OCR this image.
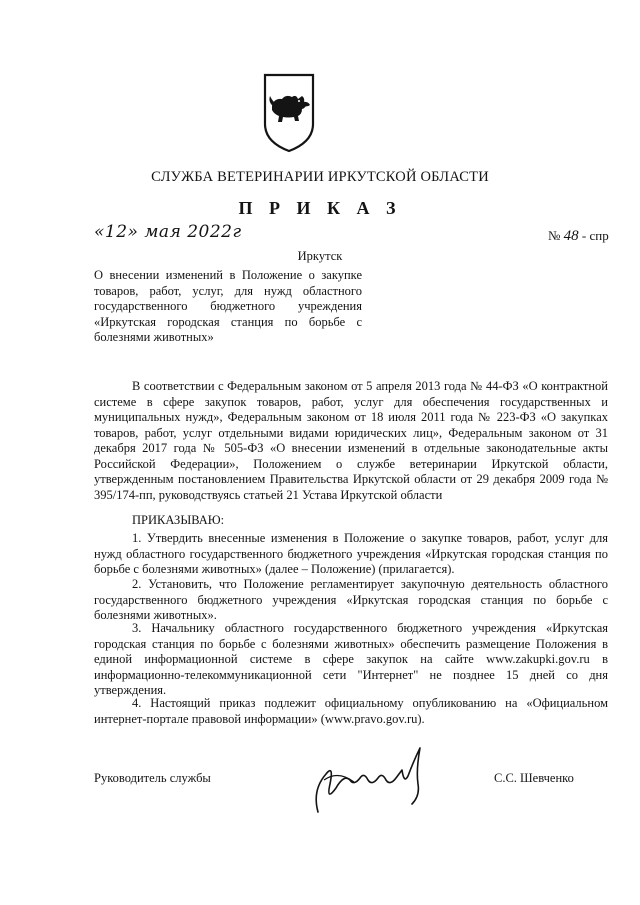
СЛУЖБА ВЕТЕРИНАРИИ ИРКУТСКОЙ ОБЛАСТИ
П Р И К А З
«12» мая 2022г	№ 48 - спр
Иркутск
О внесении изменений в Положение о закупке товаров, работ, услуг, для нужд областного государственного бюджетного учреждения «Иркутская городская станция по борьбе с болезнями животных»

В соответствии с Федеральным законом от 5 апреля 2013 года № 44-ФЗ «О контрактной системе в сфере закупок товаров, работ, услуг для обеспечения государственных и муниципальных нужд», Федеральным законом от 18 июля 2011 года № 223-ФЗ «О закупках товаров, работ, услуг отдельными видами юридических лиц», Федеральным законом от 31 декабря 2017 года № 505-ФЗ «О внесении изменений в отдельные законодательные акты Российской Федерации», Положением о службе ветеринарии Иркутской области, утвержденным постановлением Правительства Иркутской области от 29 декабря 2009 года № 395/174-пп, руководствуясь статьей 21 Устава Иркутской области

ПРИКАЗЫВАЮ:

1. Утвердить внесенные изменения в Положение о закупке товаров, работ, услуг для нужд областного государственного бюджетного учреждения «Иркутская городская станция по борьбе с болезнями животных» (далее – Положение) (прилагается).

2. Установить, что Положение регламентирует закупочную деятельность областного государственного бюджетного учреждения «Иркутская городская станция по борьбе с болезнями животных».

3. Начальнику областного государственного бюджетного учреждения «Иркутская городская станция по борьбе с болезнями животных» обеспечить размещение Положения в единой информационной системе в сфере закупок на сайте www.zakupki.gov.ru в информационно-телекоммуникационной сети "Интернет" не позднее 15 дней со дня утверждения.

4. Настоящий приказ подлежит официальному опубликованию на «Официальном интернет-портале правовой информации» (www.pravo.gov.ru).

Руководитель службы	С.С. Шевченко
